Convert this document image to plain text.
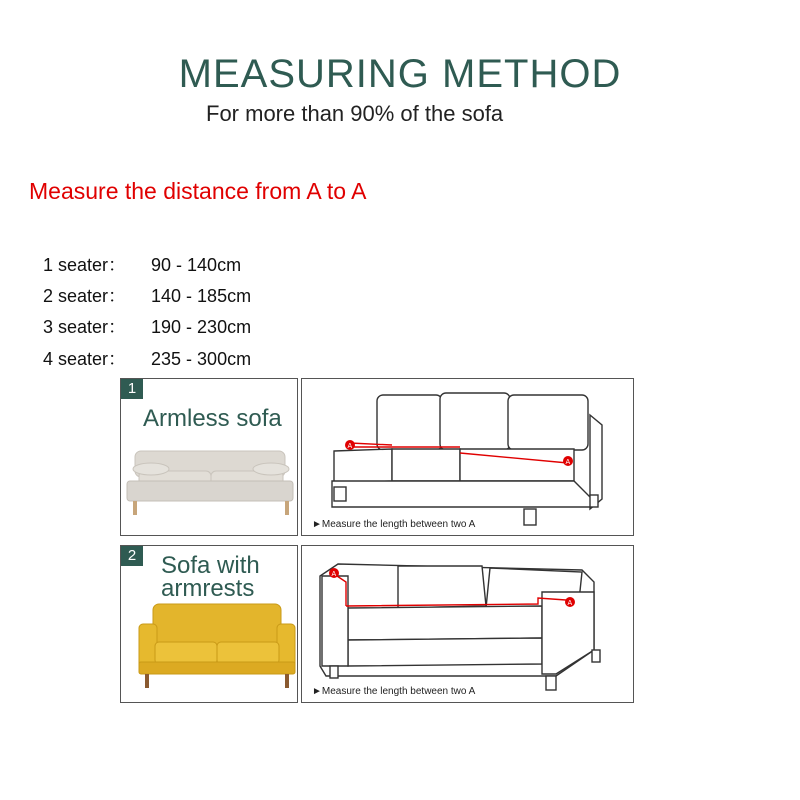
MEASURING METHOD
For more than 90% of the sofa
Measure the distance from A to A

1 seater： 90 - 140cm

2 seater： 140 - 185cm

3 seater： 190 - 230cm

4 seater： 235 - 300cm

1
Armless sofa
A
A
►Measure the length between two A
2 Sofa with
armrests
A
A
►Measure the length between two A
